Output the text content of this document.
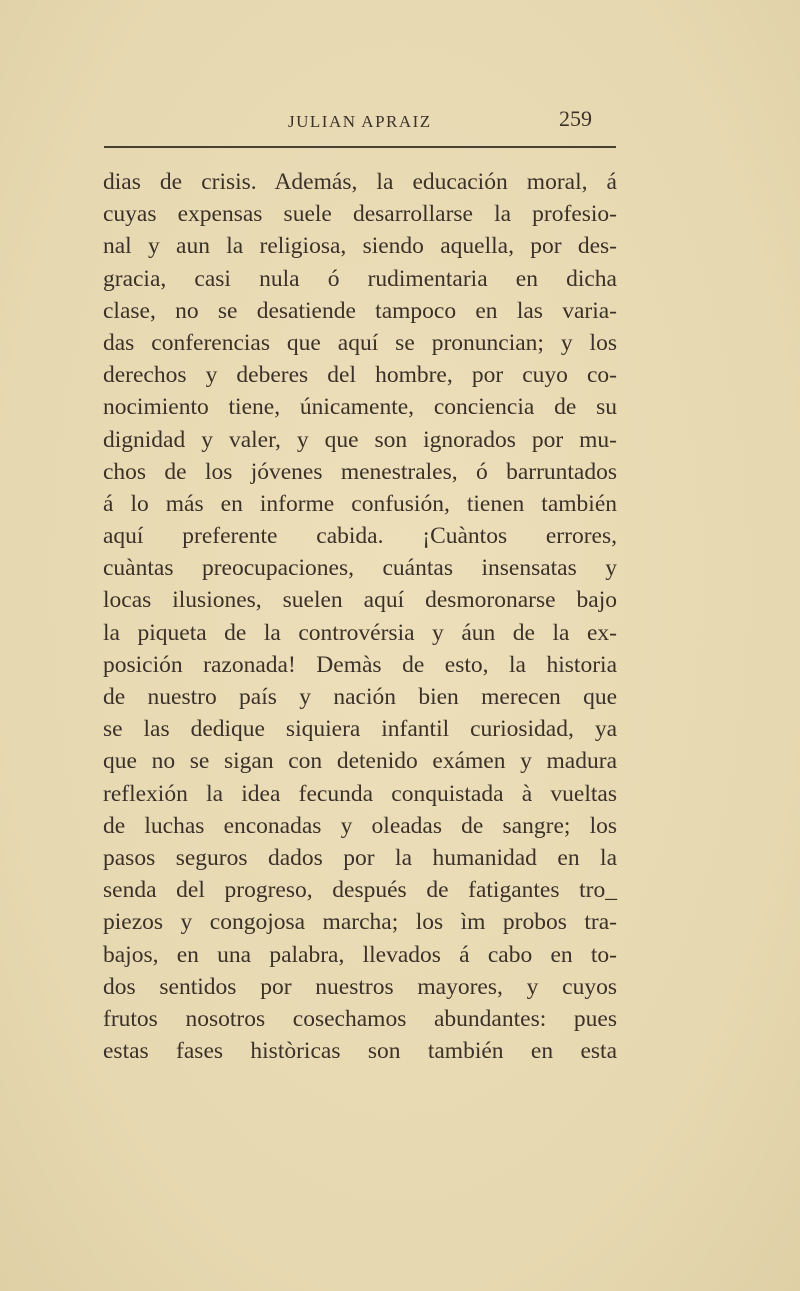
JULIAN APRAIZ	259
dias de crisis. Además, la educación moral, á
cuyas expensas suele desarrollarse la profesio-
nal y aun la religiosa, siendo aquella, por des-
gracia, casi nula ó rudimentaria en dicha
clase, no se desatiende tampoco en las varia-
das conferencias que aquí se pronuncian; y los
derechos y deberes del hombre, por cuyo co-
nocimiento tiene, únicamente, conciencia de su
dignidad y valer, y que son ignorados por mu-
chos de los jóvenes menestrales, ó barruntados
á lo más en informe confusión, tienen también
aquí preferente cabida. ¡Cuàntos errores,
cuàntas preocupaciones, cuántas insensatas y
locas ilusiones, suelen aquí desmoronarse bajo
la piqueta de la controvérsia y áun de la ex-
posición razonada! Demàs de esto, la historia
de nuestro país y nación bien merecen que
se las dedique siquiera infantil curiosidad, ya
que no se sigan con detenido exámen y madura
reflexión la idea fecunda conquistada à vueltas
de luchas enconadas y oleadas de sangre; los
pasos seguros dados por la humanidad en la
senda del progreso, después de fatigantes tro_
piezos y congojosa marcha; los ìm probos tra-
bajos, en una palabra, llevados á cabo en to-
dos sentidos por nuestros mayores, y cuyos
frutos nosotros cosechamos abundantes: pues
estas fases històricas son también en esta
